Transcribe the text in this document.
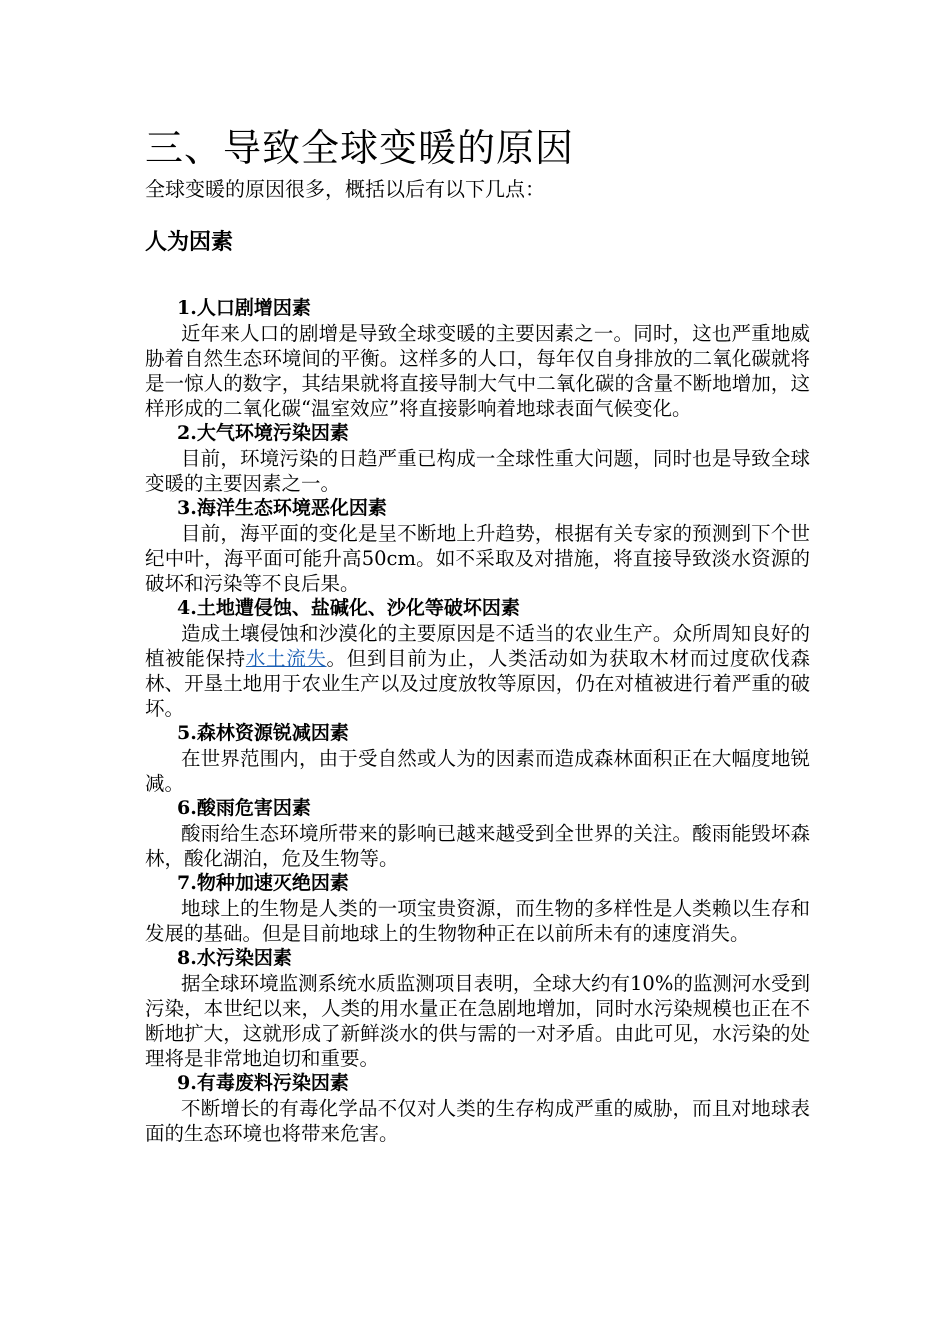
三、导致全球变暖的原因

全球变暖的原因很多，概括以后有以下几点：

人为因素

1.人口剧增因素

近年来人口的剧增是导致全球变暖的主要因素之一。同时，这也严重地威胁着自然生态环境间的平衡。这样多的人口，每年仅自身排放的二氧化碳就将是一惊人的数字，其结果就将直接导制大气中二氧化碳的含量不断地增加，这样形成的二氧化碳“温室效应”将直接影响着地球表面气候变化。

2.大气环境污染因素

目前，环境污染的日趋严重已构成一全球性重大问题，同时也是导致全球变暖的主要因素之一。

3.海洋生态环境恶化因素

目前，海平面的变化是呈不断地上升趋势，根据有关专家的预测到下个世纪中叶，海平面可能升高50cm。如不采取及对措施，将直接导致淡水资源的破坏和污染等不良后果。

4.土地遭侵蚀、盐碱化、沙化等破坏因素

造成土壤侵蚀和沙漠化的主要原因是不适当的农业生产。众所周知良好的植被能保持水土流失。但到目前为止，人类活动如为获取木材而过度砍伐森林、开垦土地用于农业生产以及过度放牧等原因，仍在对植被进行着严重的破坏。

5.森林资源锐减因素

在世界范围内，由于受自然或人为的因素而造成森林面积正在大幅度地锐减。

6.酸雨危害因素

酸雨给生态环境所带来的影响已越来越受到全世界的关注。酸雨能毁坏森林，酸化湖泊，危及生物等。

7.物种加速灭绝因素

地球上的生物是人类的一项宝贵资源，而生物的多样性是人类赖以生存和发展的基础。但是目前地球上的生物物种正在以前所未有的速度消失。

8.水污染因素

据全球环境监测系统水质监测项目表明，全球大约有10%的监测河水受到污染，本世纪以来，人类的用水量正在急剧地增加，同时水污染规模也正在不断地扩大，这就形成了新鲜淡水的供与需的一对矛盾。由此可见，水污染的处理将是非常地迫切和重要。

9.有毒废料污染因素

不断增长的有毒化学品不仅对人类的生存构成严重的威胁，而且对地球表面的生态环境也将带来危害。
